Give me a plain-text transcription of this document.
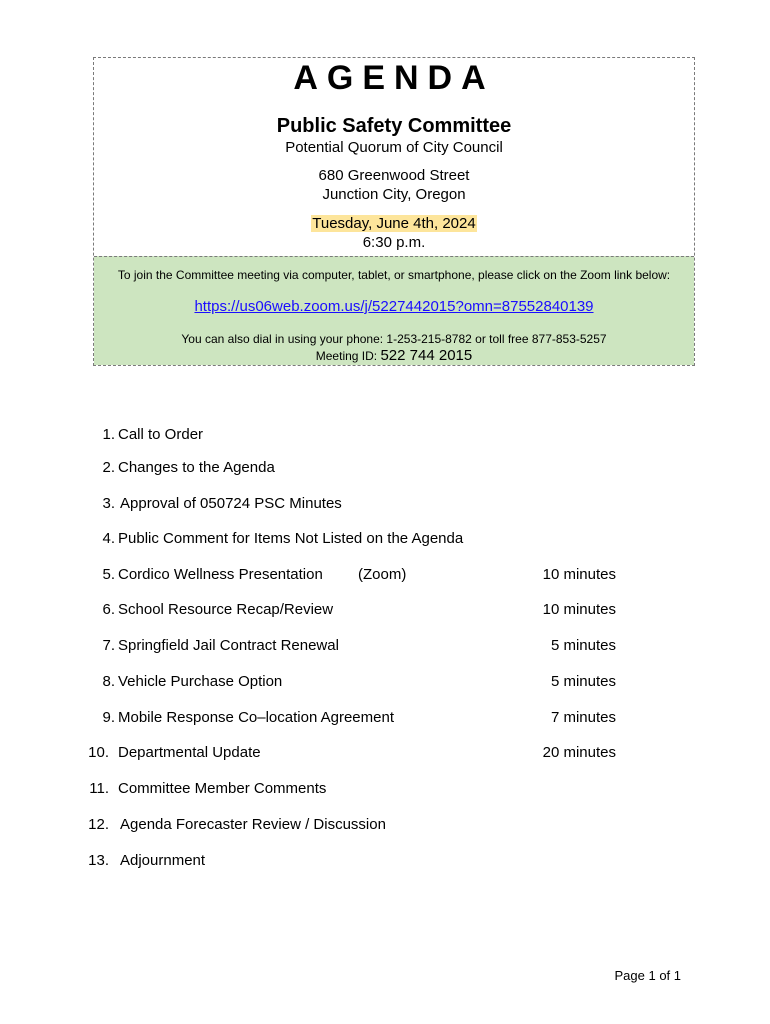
AGENDA
Public Safety Committee
Potential Quorum of City Council
680 Greenwood Street
Junction City, Oregon
Tuesday, June 4th, 2024
6:30 p.m.
To join the Committee meeting via computer, tablet, or smartphone, please click on the Zoom link below:
https://us06web.zoom.us/j/5227442015?omn=87552840139
You can also dial in using your phone: 1-253-215-8782 or toll free 877-853-5257
Meeting ID: 522 744 2015
1. Call to Order
2. Changes to the Agenda
3. Approval of 050724 PSC Minutes
4. Public Comment for Items Not Listed on the Agenda
5. Cordico Wellness Presentation (Zoom)	10 minutes
6. School Resource Recap/Review	10 minutes
7. Springfield Jail Contract Renewal	5 minutes
8. Vehicle Purchase Option	5 minutes
9. Mobile Response Co–location Agreement	7 minutes
10. Departmental Update	20 minutes
11. Committee Member Comments
12. Agenda Forecaster Review / Discussion
13. Adjournment
Page 1 of 1
